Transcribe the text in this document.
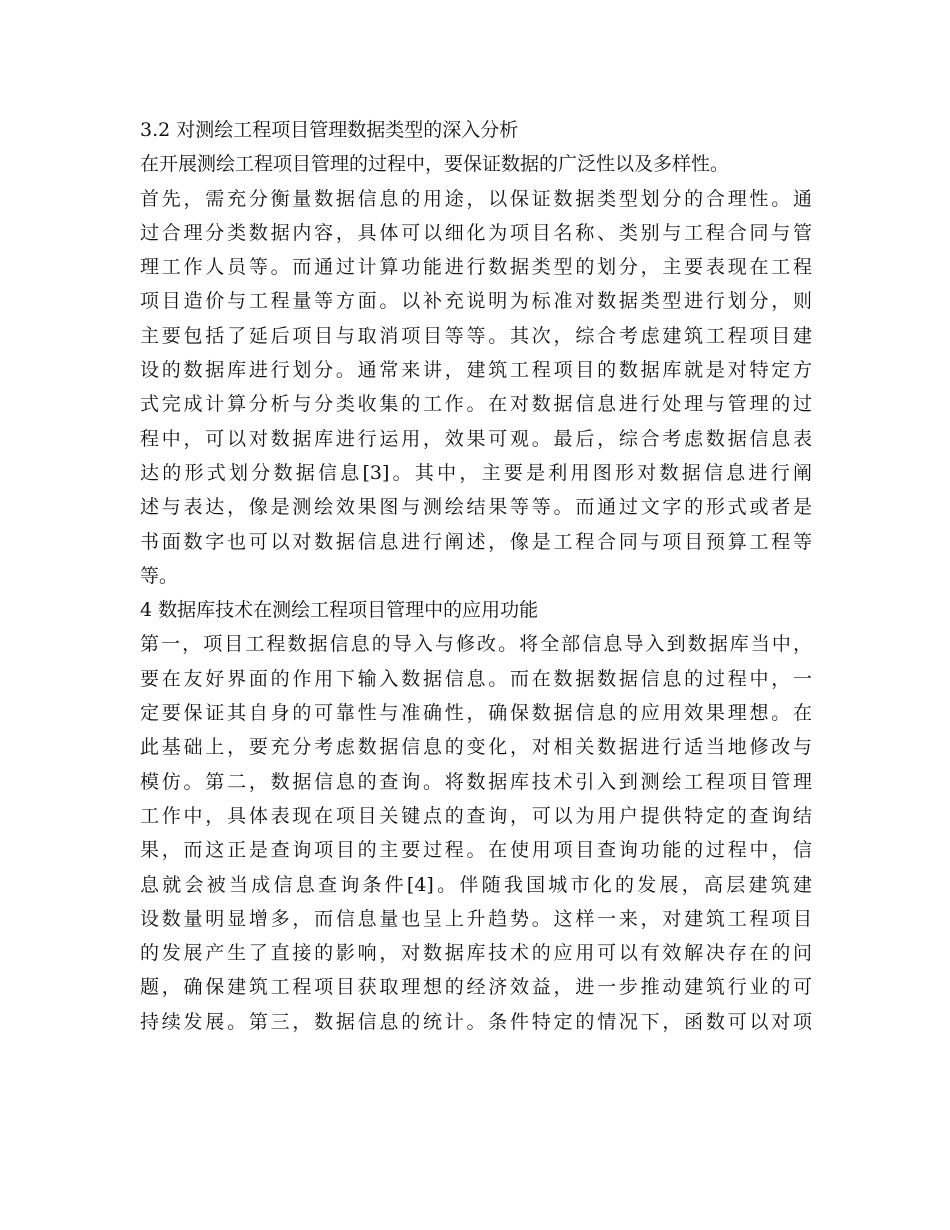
3.2 对测绘工程项目管理数据类型的深入分析
在开展测绘工程项目管理的过程中，要保证数据的广泛性以及多样性。
首先，需充分衡量数据信息的用途，以保证数据类型划分的合理性。通
过合理分类数据内容，具体可以细化为项目名称、类别与工程合同与管
理工作人员等。而通过计算功能进行数据类型的划分，主要表现在工程
项目造价与工程量等方面。以补充说明为标准对数据类型进行划分，则
主要包括了延后项目与取消项目等等。其次，综合考虑建筑工程项目建
设的数据库进行划分。通常来讲，建筑工程项目的数据库就是对特定方
式完成计算分析与分类收集的工作。在对数据信息进行处理与管理的过
程中，可以对数据库进行运用，效果可观。最后，综合考虑数据信息表
达的形式划分数据信息[3]。其中，主要是利用图形对数据信息进行阐
述与表达，像是测绘效果图与测绘结果等等。而通过文字的形式或者是
书面数字也可以对数据信息进行阐述，像是工程合同与项目预算工程等
等。
4 数据库技术在测绘工程项目管理中的应用功能
第一，项目工程数据信息的导入与修改。将全部信息导入到数据库当中，
要在友好界面的作用下输入数据信息。而在数据数据信息的过程中，一
定要保证其自身的可靠性与准确性，确保数据信息的应用效果理想。在
此基础上，要充分考虑数据信息的变化，对相关数据进行适当地修改与
模仿。第二，数据信息的查询。将数据库技术引入到测绘工程项目管理
工作中，具体表现在项目关键点的查询，可以为用户提供特定的查询结
果，而这正是查询项目的主要过程。在使用项目查询功能的过程中，信
息就会被当成信息查询条件[4]。伴随我国城市化的发展，高层建筑建
设数量明显增多，而信息量也呈上升趋势。这样一来，对建筑工程项目
的发展产生了直接的影响，对数据库技术的应用可以有效解决存在的问
题，确保建筑工程项目获取理想的经济效益，进一步推动建筑行业的可
持续发展。第三，数据信息的统计。条件特定的情况下，函数可以对项
